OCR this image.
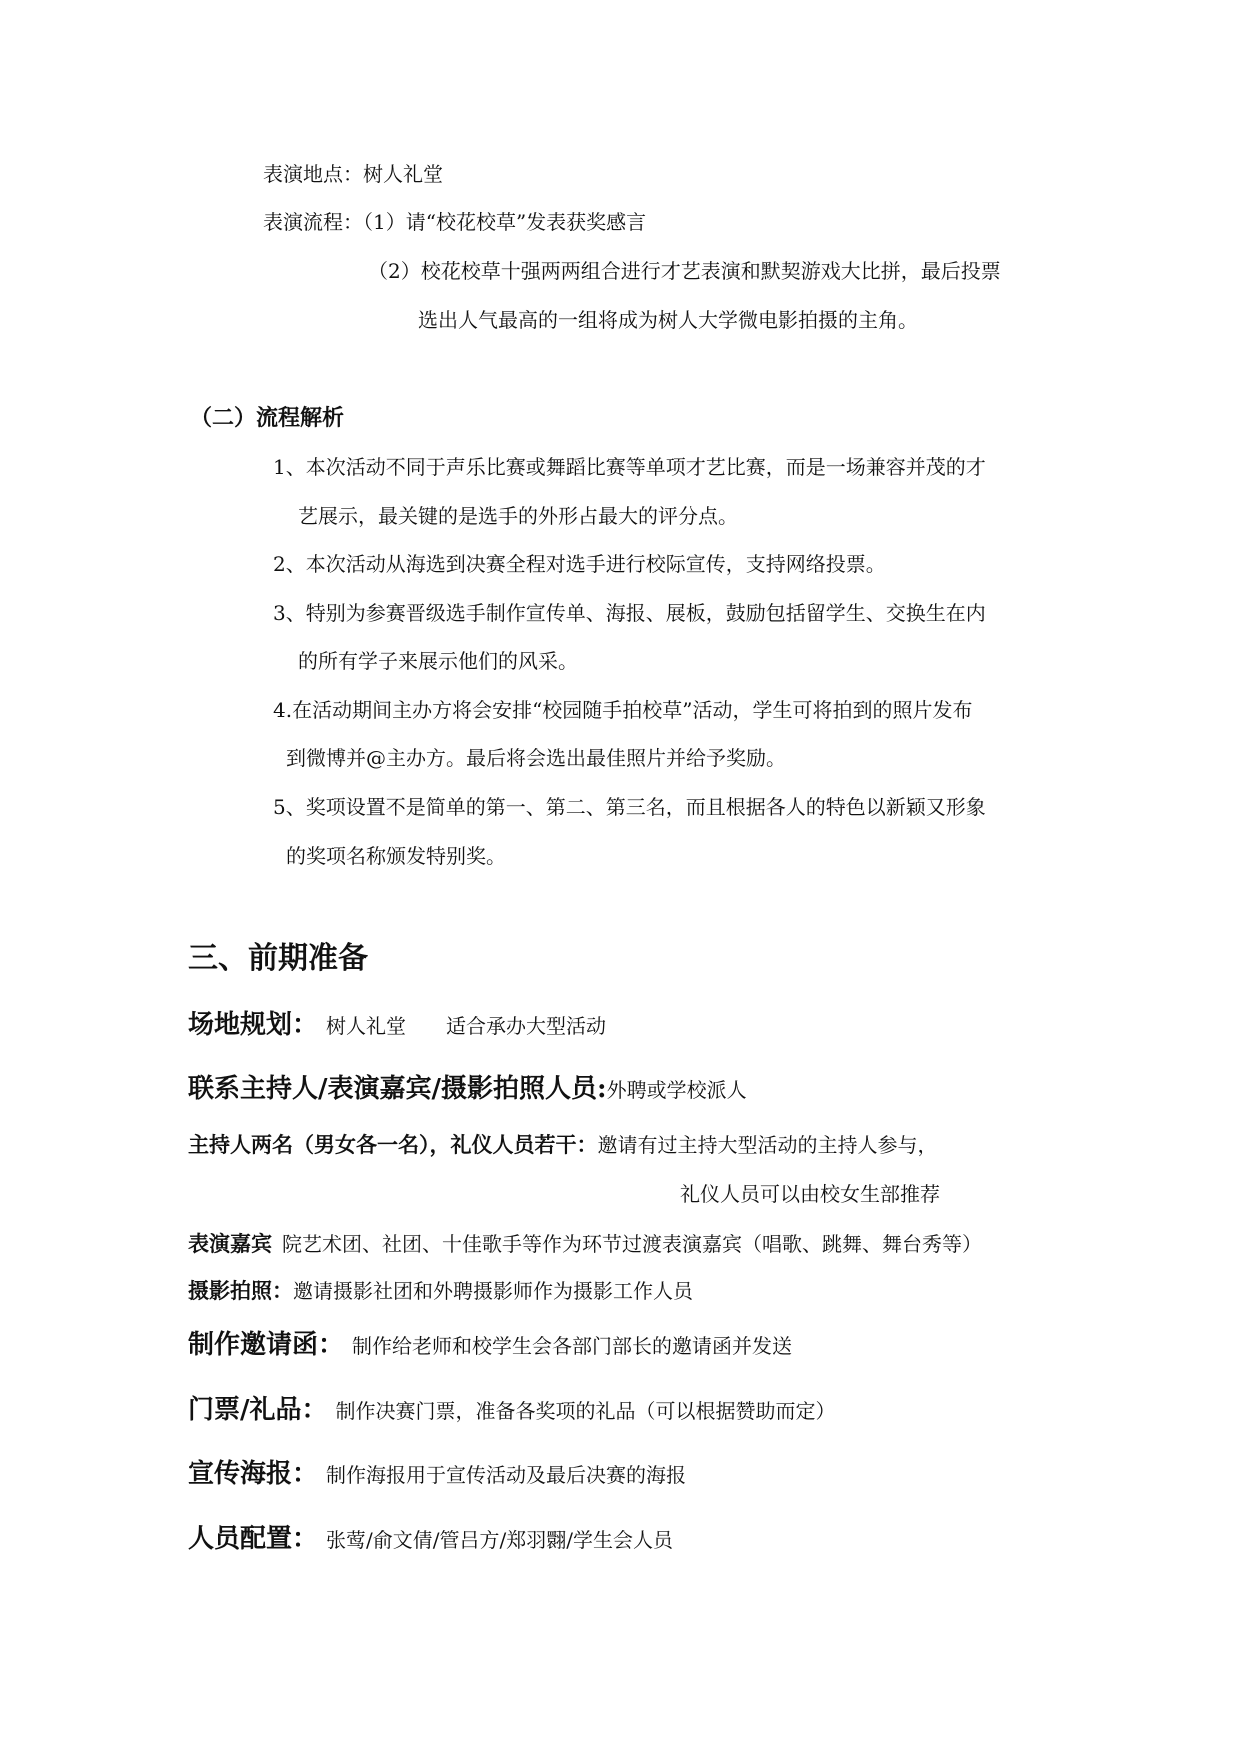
表演地点：树人礼堂
表演流程：（1）请“校花校草”发表获奖感言
（2）校花校草十强两两组合进行才艺表演和默契游戏大比拼，最后投票
选出人气最高的一组将成为树人大学微电影拍摄的主角。
（二）流程解析
1、本次活动不同于声乐比赛或舞蹈比赛等单项才艺比赛，而是一场兼容并茂的才
艺展示，最关键的是选手的外形占最大的评分点。
2、本次活动从海选到决赛全程对选手进行校际宣传，支持网络投票。
3、特别为参赛晋级选手制作宣传单、海报、展板，鼓励包括留学生、交换生在内
的所有学子来展示他们的风采。
4.在活动期间主办方将会安排“校园随手拍校草”活动，学生可将拍到的照片发布
到微博并@主办方。最后将会选出最佳照片并给予奖励。
5、奖项设置不是简单的第一、第二、第三名，而且根据各人的特色以新颖又形象
的奖项名称颁发特别奖。
三、前期准备
场地规划： 树人礼堂　　适合承办大型活动
联系主持人/表演嘉宾/摄影拍照人员:外聘或学校派人
主持人两名（男女各一名），礼仪人员若干：邀请有过主持大型活动的主持人参与，
礼仪人员可以由校女生部推荐
表演嘉宾 院艺术团、社团、十佳歌手等作为环节过渡表演嘉宾（唱歌、跳舞、舞台秀等）
摄影拍照：邀请摄影社团和外聘摄影师作为摄影工作人员
制作邀请函： 制作给老师和校学生会各部门部长的邀请函并发送
门票/礼品： 制作决赛门票，准备各奖项的礼品（可以根据赞助而定）
宣传海报： 制作海报用于宣传活动及最后决赛的海报
人员配置： 张莺/俞文倩/管吕方/郑羽翾/学生会人员
